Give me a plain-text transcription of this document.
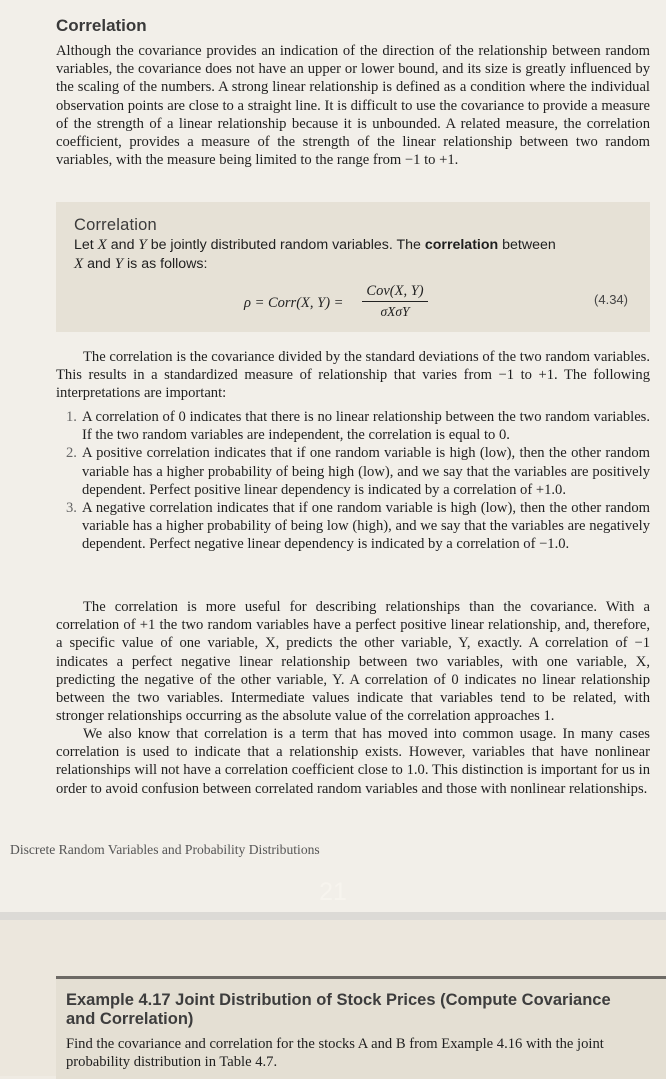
Correlation

Although the covariance provides an indication of the direction of the relationship between random variables, the covariance does not have an upper or lower bound, and its size is greatly influenced by the scaling of the numbers. A strong linear relationship is defined as a condition where the individual observation points are close to a straight line. It is difficult to use the covariance to provide a measure of the strength of a linear relationship because it is unbounded. A related measure, the correlation coefficient, provides a measure of the strength of the linear relationship between two random variables, with the measure being limited to the range from −1 to +1.

Correlation
Let X and Y be jointly distributed random variables. The correlation between
X and Y is as follows:
ρ = Corr(X, Y) =
Cov(X, Y)
σXσY
(4.34)

The correlation is the covariance divided by the standard deviations of the two random variables. This results in a standardized measure of relationship that varies from −1 to +1. The following interpretations are important:

1. A correlation of 0 indicates that there is no linear relationship between the two random variables. If the two random variables are independent, the correlation is equal to 0.
2. A positive correlation indicates that if one random variable is high (low), then the other random variable has a higher probability of being high (low), and we say that the variables are positively dependent. Perfect positive linear dependency is indicated by a correlation of +1.0.
3. A negative correlation indicates that if one random variable is high (low), then the other random variable has a higher probability of being low (high), and we say that the variables are negatively dependent. Perfect negative linear dependency is indicated by a correlation of −1.0.

The correlation is more useful for describing relationships than the covariance. With a correlation of +1 the two random variables have a perfect positive linear relationship, and, therefore, a specific value of one variable, X, predicts the other variable, Y, exactly. A correlation of −1 indicates a perfect negative linear relationship between two variables, with one variable, X, predicting the negative of the other variable, Y. A correlation of 0 indicates no linear relationship between the two variables. Intermediate values indicate that variables tend to be related, with stronger relationships occurring as the absolute value of the correlation approaches 1.

We also know that correlation is a term that has moved into common usage. In many cases correlation is used to indicate that a relationship exists. However, variables that have nonlinear relationships will not have a correlation coefficient close to 1.0. This distinction is important for us in order to avoid confusion between correlated random variables and those with nonlinear relationships.

Discrete Random Variables and Probability Distributions
21
Example 4.17 Joint Distribution of Stock Prices (Compute Covariance and Correlation)
Find the covariance and correlation for the stocks A and B from Example 4.16 with the joint probability distribution in Table 4.7.
